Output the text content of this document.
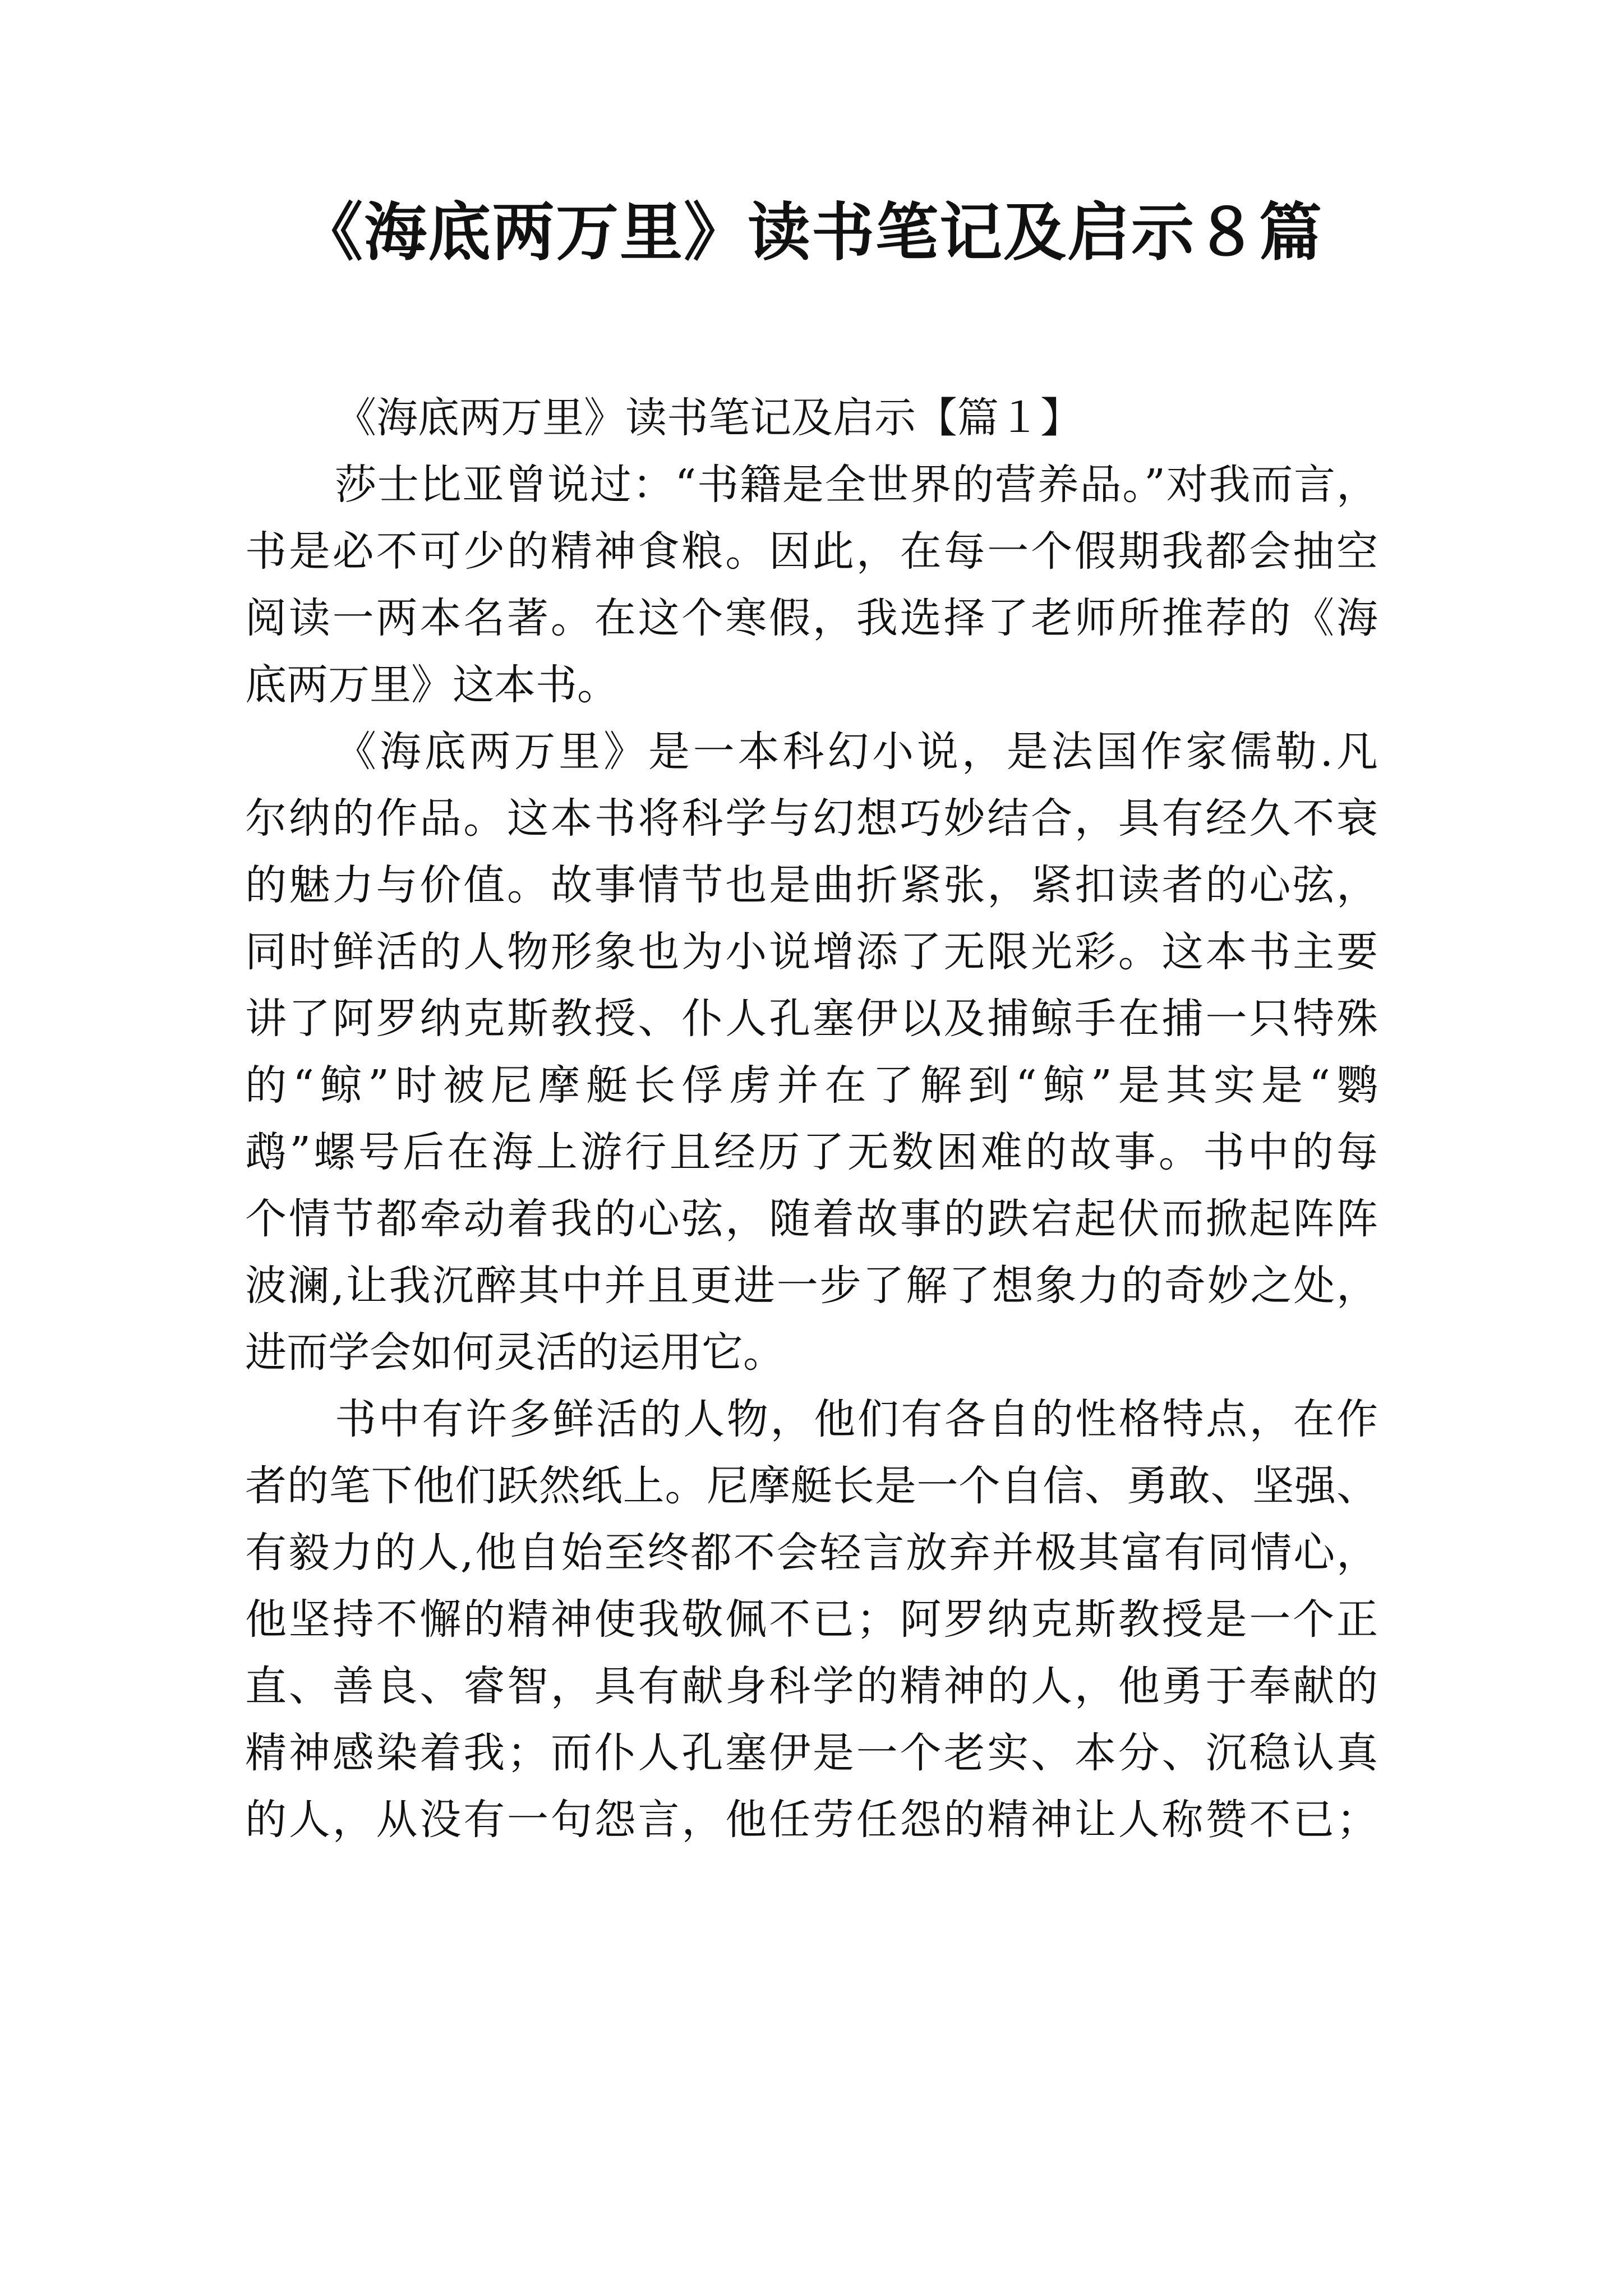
《海底两万里》读书笔记及启示８篇
《海底两万里》读书笔记及启示【篇１】
莎士比亚曾说过：“书籍是全世界的营养品。”对我而言，
书是必不可少的精神食粮。因此，在每一个假期我都会抽空
阅读一两本名著。在这个寒假，我选择了老师所推荐的《海
底两万里》这本书。
《海底两万里》是一本科幻小说，是法国作家儒勒.凡
尔纳的作品。这本书将科学与幻想巧妙结合，具有经久不衰
的魅力与价值。故事情节也是曲折紧张，紧扣读者的心弦，
同时鲜活的人物形象也为小说增添了无限光彩。这本书主要
讲了阿罗纳克斯教授、仆人孔塞伊以及捕鲸手在捕一只特殊
的“鲸”时被尼摩艇长俘虏并在了解到“鲸”是其实是“鹦
鹉”螺号后在海上游行且经历了无数困难的故事。书中的每
个情节都牵动着我的心弦，随着故事的跌宕起伏而掀起阵阵
波澜,让我沉醉其中并且更进一步了解了想象力的奇妙之处，
进而学会如何灵活的运用它。
书中有许多鲜活的人物，他们有各自的性格特点，在作
者的笔下他们跃然纸上。尼摩艇长是一个自信、勇敢、坚强、
有毅力的人,他自始至终都不会轻言放弃并极其富有同情心，
他坚持不懈的精神使我敬佩不已；阿罗纳克斯教授是一个正
直、善良、睿智，具有献身科学的精神的人，他勇于奉献的
精神感染着我；而仆人孔塞伊是一个老实、本分、沉稳认真
的人，从没有一句怨言，他任劳任怨的精神让人称赞不已；
